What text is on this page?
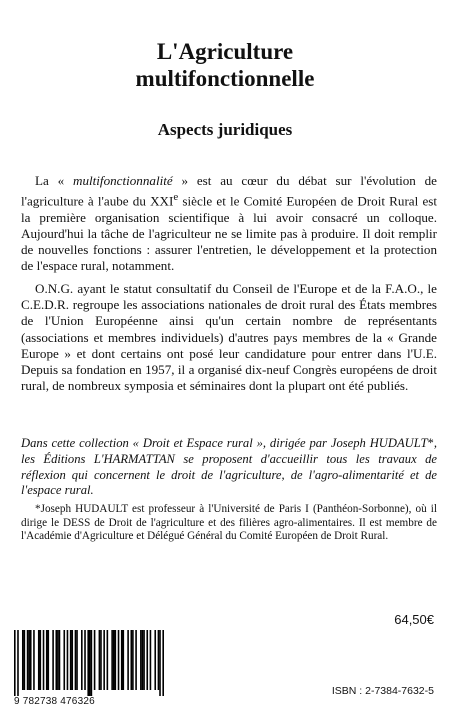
L'Agriculture
multifonctionnelle
Aspects juridiques

La « multifonctionnalité » est au cœur du débat sur l'évolution de l'agriculture à l'aube du XXIe siècle et le Comité Européen de Droit Rural est la première organisation scientifique à lui avoir consacré un colloque. Aujourd'hui la tâche de l'agriculteur ne se limite pas à produire. Il doit remplir de nouvelles fonctions : assurer l'entretien, le développement et la protection de l'espace rural, notamment.

O.N.G. ayant le statut consultatif du Conseil de l'Europe et de la F.A.O., le C.E.D.R. regroupe les associations nationales de droit rural des États membres de l'Union Européenne ainsi qu'un certain nombre de représentants (associations et membres individuels) d'autres pays membres de la « Grande Europe » et dont certains ont posé leur candidature pour entrer dans l'U.E. Depuis sa fondation en 1957, il a organisé dix-neuf Congrès européens de droit rural, de nombreux symposia et séminaires dont la plupart ont été publiés.

Dans cette collection « Droit et Espace rural », dirigée par Joseph HUDAULT*, les Éditions L'HARMATTAN se proposent d'accueillir tous les travaux de réflexion qui concernent le droit de l'agriculture, de l'agro-alimentarité et de l'espace rural.

*Joseph HUDAULT est professeur à l'Université de Paris I (Panthéon-Sorbonne), où il dirige le DESS de Droit de l'agriculture et des filières agro-alimentaires. Il est membre de l'Académie d'Agriculture et Délégué Général du Comité Européen de Droit Rural.

64,50€
9 782738 476326
ISBN : 2-7384-7632-5
